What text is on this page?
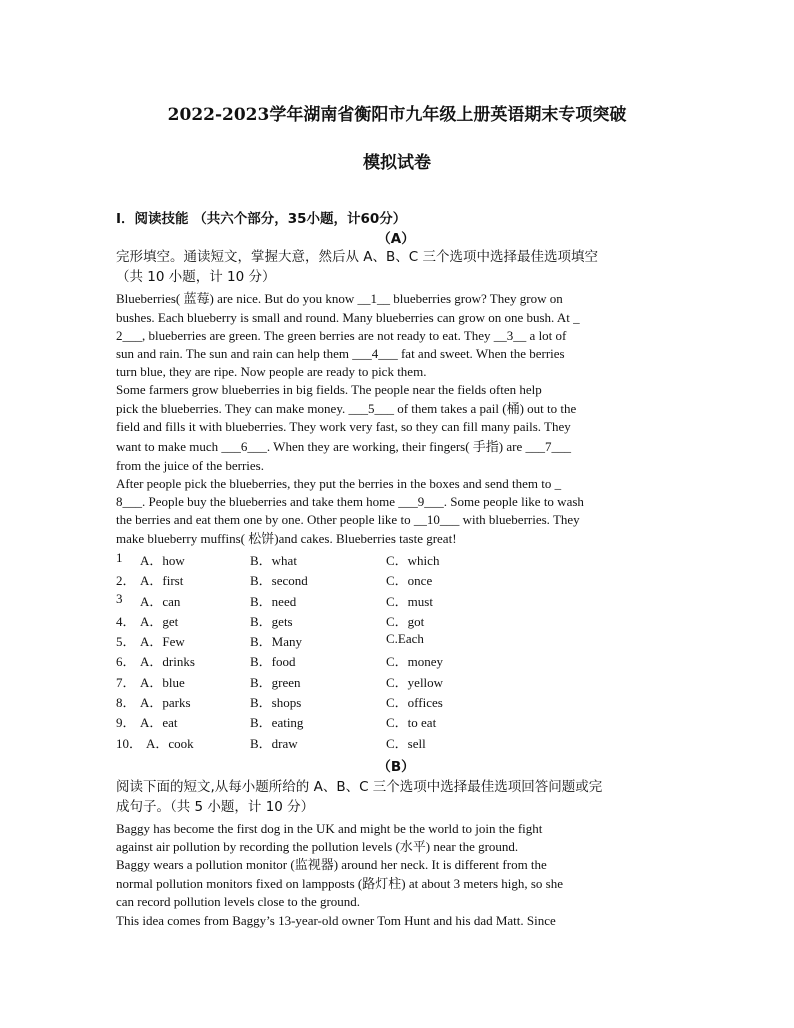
2022-2023学年湖南省衡阳市九年级上册英语期末专项突破
模拟试卷
I．阅读技能 （共六个部分，35小题，计60分）
（A）
完形填空。通读短文，掌握大意，然后从 A、B、C 三个选项中选择最佳选项填空
（共 10 小题，计 10 分）
Blueberries( 蓝莓) are nice. But do you know __1__ blueberries grow? They grow on
bushes. Each blueberry is small and round. Many blueberries can grow on one bush. At _
2___, blueberries are green. The green berries are not ready to eat. They __3__ a lot of
sun and rain. The sun and rain can help them ___4___ fat and sweet. When the berries
turn blue, they are ripe. Now people are ready to pick them.
Some farmers grow blueberries in big fields. The people near the fields often help
pick the blueberries. They can make money. ___5___ of them takes a pail (桶) out to the
field and fills it with blueberries. They work very fast, so they can fill many pails. They
want to make much ___6___. When they are working, their fingers( 手指) are ___7___
from the juice of the berries.
After people pick the blueberries, they put the berries in the boxes and send them to _
8___. People buy the blueberries and take them home ___9___. Some people like to wash
the berries and eat them one by one. Other people like to __10___ with blueberries. They
make blueberry muffins( 松饼)and cakes. Blueberries taste great!
1 A．how	B．what	C．which
2． A．first	B．second	C．once
3 A．can	B．need	C．must
4． A．get	B．gets	C．got
5． A．Few	B．Many	C.Each
6． A．drinks	B．food	C．money
7． A．blue	B．green	C．yellow
8． A．parks	B．shops	C．offices
9． A．eat	B．eating	C．to eat
10． A．cook	B．draw	C．sell
（B）
阅读下面的短文,从每小题所给的 A、B、C 三个选项中选择最佳选项回答问题或完
成句子。（共 5 小题，计 10 分）
Baggy has become the first dog in the UK and might be the world to join the fight
against air pollution by recording the pollution levels (水平) near the ground.
Baggy wears a pollution monitor (监视器) around her neck. It is different from the
normal pollution monitors fixed on lampposts (路灯柱) at about 3 meters high, so she
can record pollution levels close to the ground.
This idea comes from Baggy’s 13-year-old owner Tom Hunt and his dad Matt. Since
